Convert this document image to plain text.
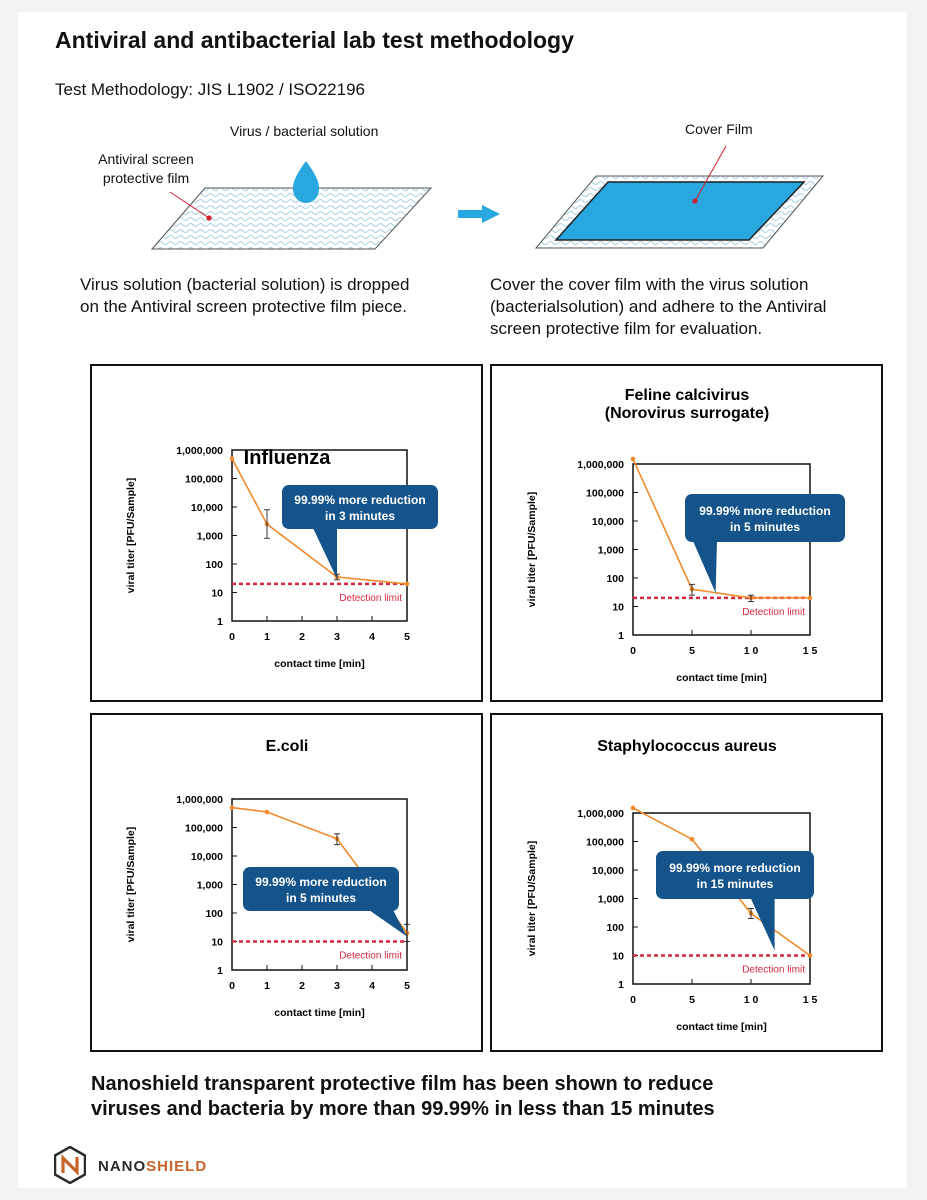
Antiviral and antibacterial lab test methodology
Test Methodology: JIS L1902 / ISO22196
Virus / bacterial solution
Antiviral screen
protective film
Cover Film
Virus solution (bacterial solution) is dropped
on the Antiviral screen protective film piece.
Cover the cover film with the virus solution
(bacterialsolution) and adhere to the Antiviral
screen protective film for evaluation.
Influenza
1
10
100
1,000
10,000
100,000
1,000,000
0	1	2	3	4	5
contact time [min]
viral titer [PFU/Sample]
Detection limit
99.99% more reduction
in 3 minutes
Feline calcivirus
(Norovirus surrogate)
1
10
100
1,000
10,000
100,000
1,000,000
0	5	1 0	1 5
contact time [min]
viral titer [PFU/Sample]
Detection limit
99.99% more reduction
in 5 minutes
E.coli
1
10
100
1,000
10,000
100,000
1,000,000
0	1	2	3	4	5
contact time [min]
viral titer [PFU/Sample]
Detection limit
99.99% more reduction
in 5 minutes
Staphylococcus aureus
1
10
100
1,000
10,000
100,000
1,000,000
0	5	1 0	1 5
contact time [min]
viral titer [PFU/Sample]
Detection limit
99.99% more reduction
in 15 minutes
Nanoshield transparent protective film has been shown to reduce
viruses and bacteria by more than 99.99% in less than 15 minutes
NANOSHIELD
